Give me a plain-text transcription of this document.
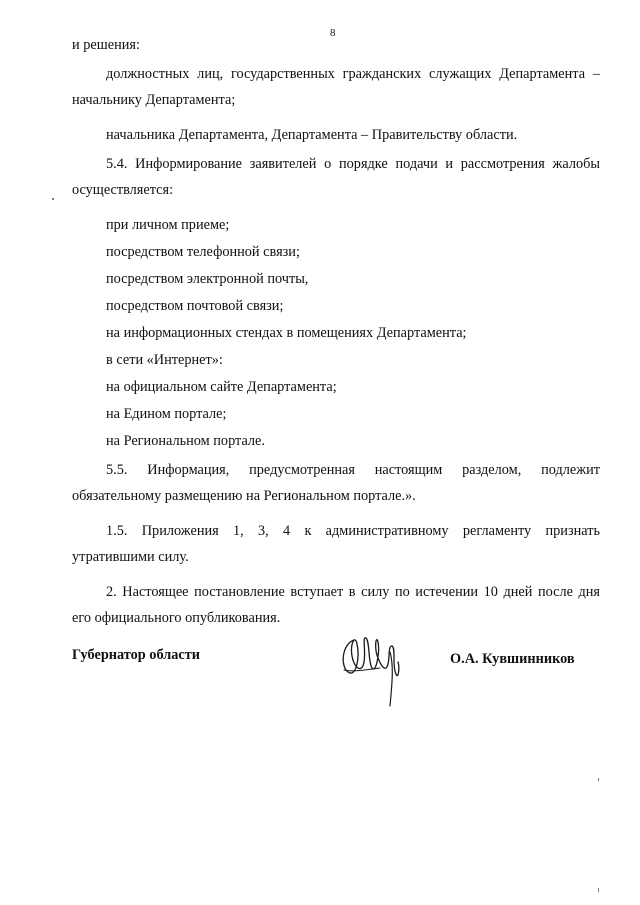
8

и решения:

должностных лиц, государственных гражданских служащих Департамента – начальнику Департамента;

начальника Департамента, Департамента – Правительству области.

5.4. Информирование заявителей о порядке подачи и рассмотрения жалобы осуществляется:

при личном приеме;

посредством телефонной связи;

посредством электронной почты,

посредством почтовой связи;

на информационных стендах в помещениях Департамента;

в сети «Интернет»:

на официальном сайте Департамента;

на Едином портале;

на Региональном портале.

5.5. Информация, предусмотренная настоящим разделом, подлежит обязательному размещению на Региональном портале.».

1.5. Приложения 1, 3, 4 к административному регламенту признать утратившими силу.

2. Настоящее постановление вступает в силу по истечении 10 дней после дня его официального опубликования.

Губернатор области	О.А. Кувшинников
